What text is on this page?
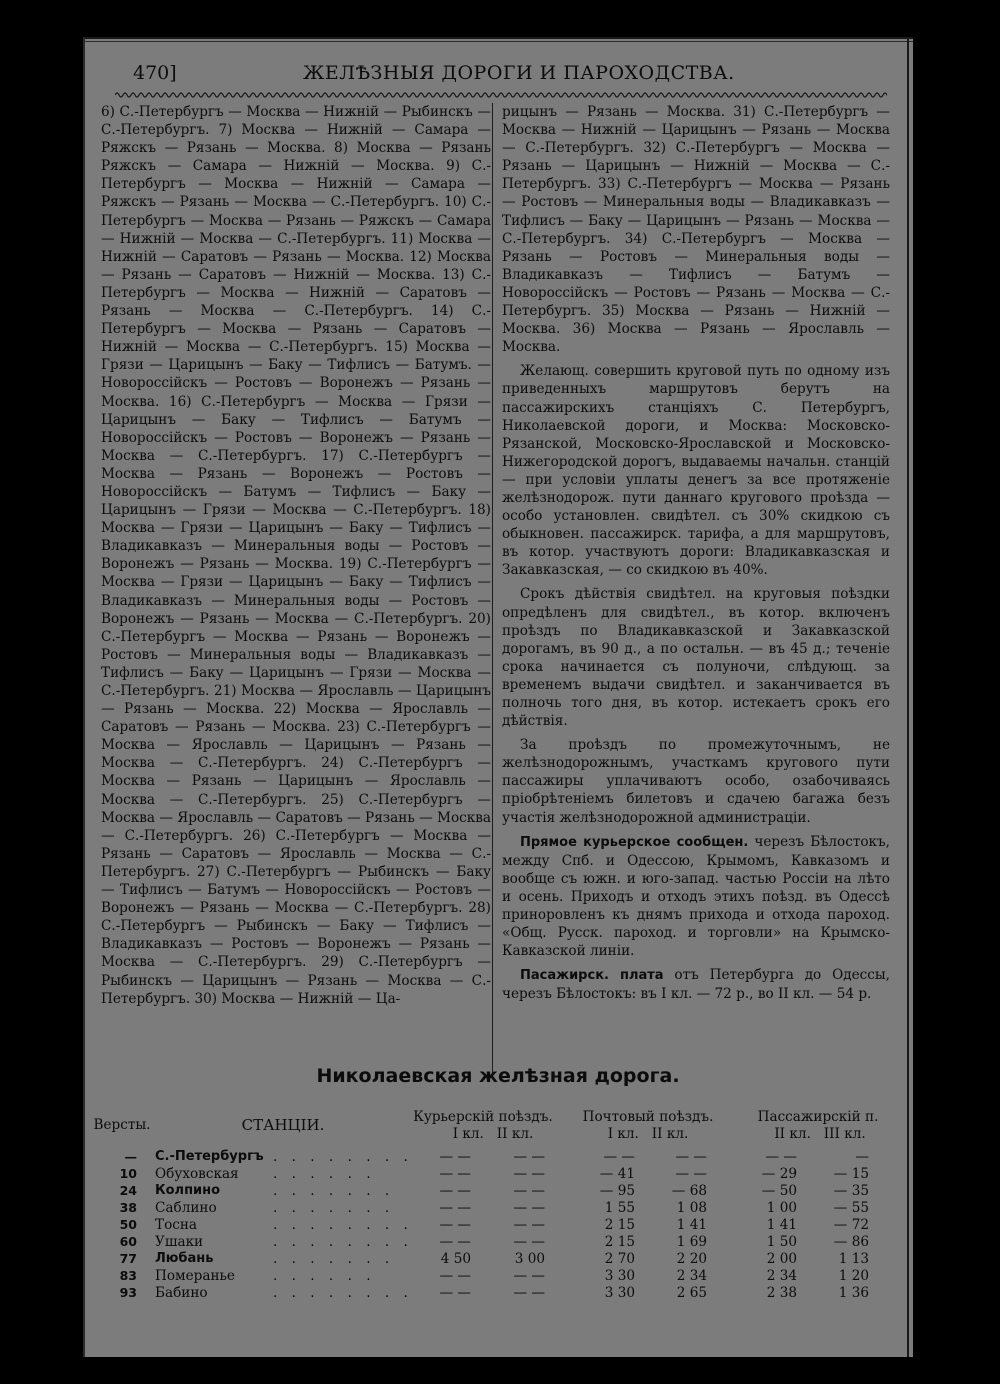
470]	ЖЕЛѢЗНЫЯ ДОРОГИ И ПАРОХОДСТВА.

6) С.-Петербургъ — Москва — Нижній — Рыбинскъ — С.-Петербургъ. 7) Москва — Нижній — Самара — Ряжскъ — Рязань — Москва. 8) Москва — Рязань Ряжскъ — Самара — Нижній — Москва. 9) С.-Петербургъ — Москва — Нижній — Самара — Ряжскъ — Рязань — Москва — С.-Петербургъ. 10) С.-Петербургъ — Москва — Рязань — Ряжскъ — Самара — Нижній — Москва — С.-Петербургъ. 11) Москва — Нижній — Саратовъ — Рязань — Москва. 12) Москва — Рязань — Саратовъ — Нижній — Москва. 13) С.-Петербургъ — Москва — Нижній — Саратовъ — Рязань — Москва — С.-Петербургъ. 14) С.-Петербургъ — Москва — Рязань — Саратовъ — Нижній — Москва — С.-Петербургъ. 15) Москва — Грязи — Царицынъ — Баку — Тифлисъ — Батумъ. — Новороссійскъ — Ростовъ — Воронежъ — Рязань — Москва. 16) С.-Петербургъ — Москва — Грязи — Царицынъ — Баку — Тифлисъ — Батумъ — Новороссійскъ — Ростовъ — Воронежъ — Рязань — Москва — С.-Петербургъ. 17) С.-Петербургъ — Москва — Рязань — Воронежъ — Ростовъ — Новороссійскъ — Батумъ — Тифлисъ — Баку — Царицынъ — Грязи — Москва — С.-Петербургъ. 18) Москва — Грязи — Царицынъ — Баку — Тифлисъ — Владикавказъ — Минеральныя воды — Ростовъ — Воронежъ — Рязань — Москва. 19) С.-Петербургъ — Москва — Грязи — Царицынъ — Баку — Тифлисъ — Владикавказъ — Минеральныя воды — Ростовъ — Воронежъ — Рязань — Москва — С.-Петербургъ. 20) С.-Петербургъ — Москва — Рязань — Воронежъ — Ростовъ — Минеральныя воды — Владикавказъ — Тифлисъ — Баку — Царицынъ — Грязи — Москва — С.-Петербургъ. 21) Москва — Ярославль — Царицынъ — Рязань — Москва. 22) Москва — Ярославль — Саратовъ — Рязань — Москва. 23) С.-Петербургъ — Москва — Ярославль — Царицынъ — Рязань — Москва — С.-Петербургъ. 24) С.-Петербургъ — Москва — Рязань — Царицынъ — Ярославль — Москва — С.-Петербургъ. 25) С.-Петербургъ — Москва — Ярославль — Саратовъ — Рязань — Москва — С.-Петербургъ. 26) С.-Петербургъ — Москва — Рязань — Саратовъ — Ярославль — Москва — С.-Петербургъ. 27) С.-Петербургъ — Рыбинскъ — Баку — Тифлисъ — Батумъ — Новороссійскъ — Ростовъ — Воронежъ — Рязань — Москва — С.-Петербургъ. 28) С.-Петербургъ — Рыбинскъ — Баку — Тифлисъ — Владикавказъ — Ростовъ — Воронежъ — Рязань — Москва — С.-Петербургъ. 29) С.-Петербургъ — Рыбинскъ — Царицынъ — Рязань — Москва — С.-Петербургъ. 30) Москва — Нижній — Ца-

рицынъ — Рязань — Москва. 31) С.-Петербургъ — Москва — Нижній — Царицынъ — Рязань — Москва — С.-Петербургъ. 32) С.-Петербургъ — Москва — Рязань — Царицынъ — Нижній — Москва — С.-Петербургъ. 33) С.-Петербургъ — Москва — Рязань — Ростовъ — Минеральныя воды — Владикавказъ — Тифлисъ — Баку — Царицынъ — Рязань — Москва — С.-Петербургъ. 34) С.-Петербургъ — Москва — Рязань — Ростовъ — Минеральныя воды — Владикавказъ — Тифлисъ — Батумъ — Новороссійскъ — Ростовъ — Рязань — Москва — С.-Петербургъ. 35) Москва — Рязань — Нижній — Москва. 36) Москва — Рязань — Ярославль — Москва.

Желающ. совершить круговой путь по одному изъ приведенныхъ маршрутовъ берутъ на пассажирскихъ станціяхъ С. Петербургъ, Николаевской дороги, и Москва: Московско-Рязанской, Московско-Ярославской и Московско-Нижегородской дорогъ, выдаваемы начальн. станцій — при условіи уплаты денегъ за все протяженіе желѣзнодорож. пути даннаго кругового проѣзда — особо установлен. свидѣтел. съ 30% скидкою съ обыкновен. пассажирск. тарифа, а для маршрутовъ, въ котор. участвуютъ дороги: Владикавказская и Закавказская, — со скидкою въ 40%.

Срокъ дѣйствія свидѣтел. на круговыя поѣздки опредѣленъ для свидѣтел., въ котор. включенъ проѣздъ по Владикавказской и Закавказской дорогамъ, въ 90 д., а по остальн. — въ 45 д.; теченіе срока начинается съ полуночи, слѣдующ. за временемъ выдачи свидѣтел. и заканчивается въ полночь того дня, въ котор. истекаетъ срокъ его дѣйствія.

За проѣздъ по промежуточнымъ, не желѣзнодорожнымъ, участкамъ кругового пути пассажиры уплачиваютъ особо, озабочиваясь пріобрѣтеніемъ билетовъ и сдачею багажа безъ участія желѣзнодорожной администраціи.

Прямое курьерское сообщен. черезъ Бѣлостокъ, между Спб. и Одессою, Крымомъ, Кавказомъ и вообще съ южн. и юго-запад. частью Россіи на лѣто и осень. Приходъ и отходъ этихъ поѣзд. въ Одессѣ приноровленъ къ днямъ прихода и отхода пароход. «Общ. Русск. пароход. и торговли» на Крымско-Кавказской линіи.

Пасажирск. плата отъ Петербурга до Одессы, черезъ Бѣлостокъ: въ I кл. — 72 р., во II кл. — 54 р.

Николаевская желѣзная дорога.
Версты.	СТАНЦІИ.	Курьерскій поѣздъ.
I кл.   II кл.
Почтовый поѣздъ.
I кл.   II кл.
Пассажирскій п.
II кл.   III кл.
— С.-Петербургъ . . . . . . . .	— —	— —	— —	— —	— —	—
10 Обуховская	. . . . . .	— —	— —	— 41	— —	— 29	— 15
24 Колпино	. . . . . . .	— —	— —	— 95	— 68	— 50	— 35
38 Саблино	. . . . . . .	— —	— —	1 55	1 08	1 00	— 55
50 Тосна	. . . . . . . .	— —	— —	2 15	1 41	1 41	— 72
60 Ушаки	. . . . . . . .	— —	— —	2 15	1 69	1 50	— 86
77 Любань	. . . . . . .	4 50	3 00	2 70	2 20	2 00	1 13
83 Померанье	. . . . . .	— —	— —	3 30	2 34	2 34	1 20
93 Бабино	. . . . . . . .	— —	— —	3 30	2 65	2 38	1 36
